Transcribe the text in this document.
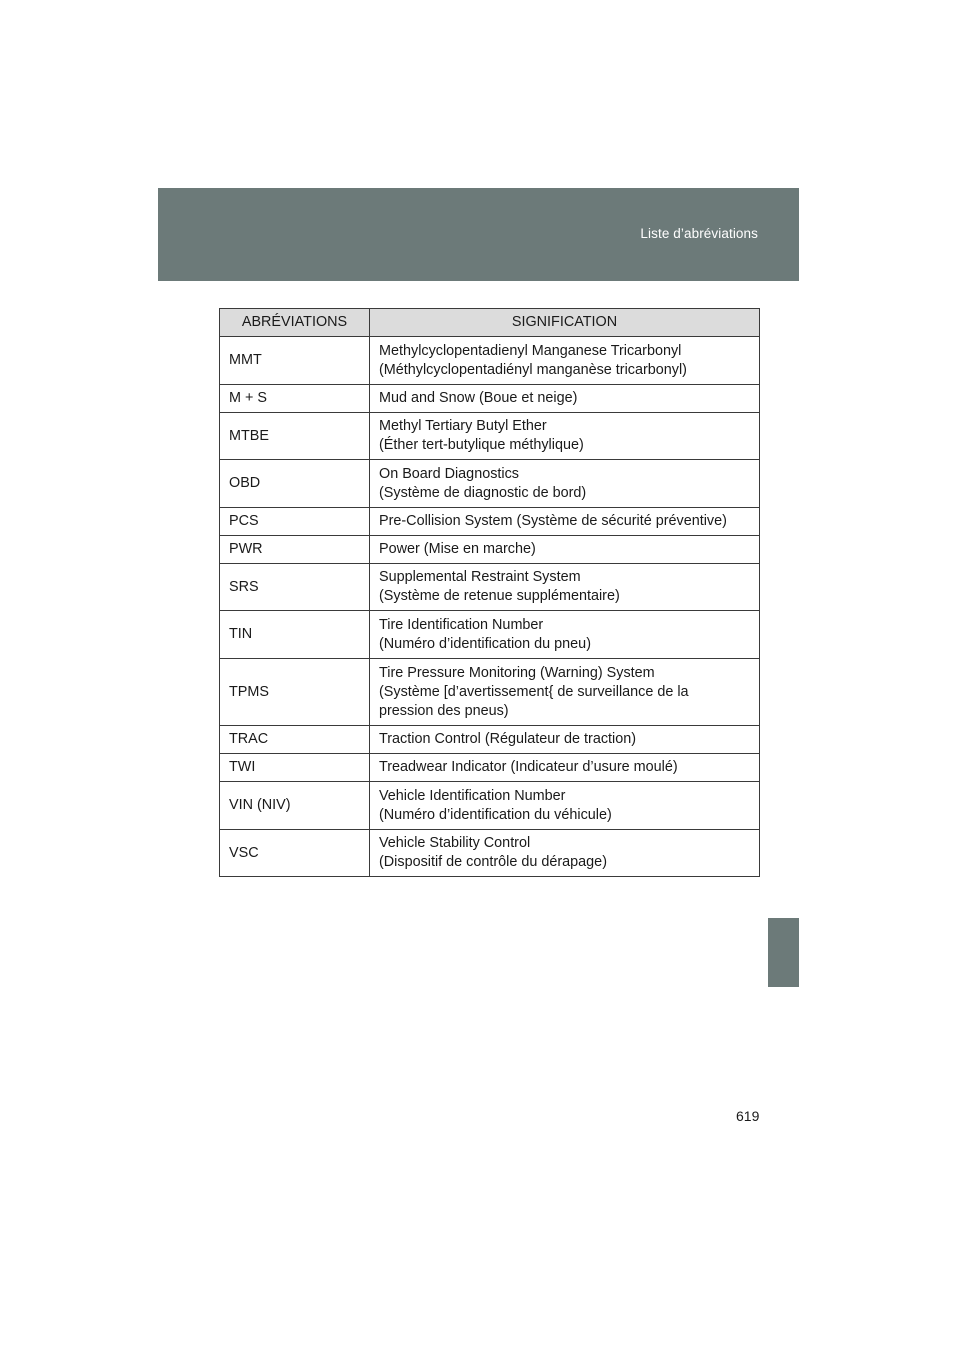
Liste d’abréviations
ABRÉVIATIONS	SIGNIFICATION
MMT	Methylcyclopentadienyl Manganese Tricarbonyl
(Méthylcyclopentadiényl manganèse tricarbonyl)

M + S	Mud and Snow (Boue et neige)

MTBE	Methyl Tertiary Butyl Ether
(Éther tert-butylique méthylique)

OBD	On Board Diagnostics
(Système de diagnostic de bord)

PCS	Pre-Collision System (Système de sécurité préventive)

PWR	Power (Mise en marche)

SRS	Supplemental Restraint System
(Système de retenue supplémentaire)

TIN	Tire Identification Number
(Numéro d’identification du pneu)

TPMS	Tire Pressure Monitoring (Warning) System
(Système [d’avertissement{ de surveillance de la
pression des pneus)

TRAC	Traction Control (Régulateur de traction)

TWI	Treadwear Indicator (Indicateur d’usure moulé)

VIN (NIV)	Vehicle Identification Number
(Numéro d’identification du véhicule)

VSC	Vehicle Stability Control
(Dispositif de contrôle du dérapage)
619
